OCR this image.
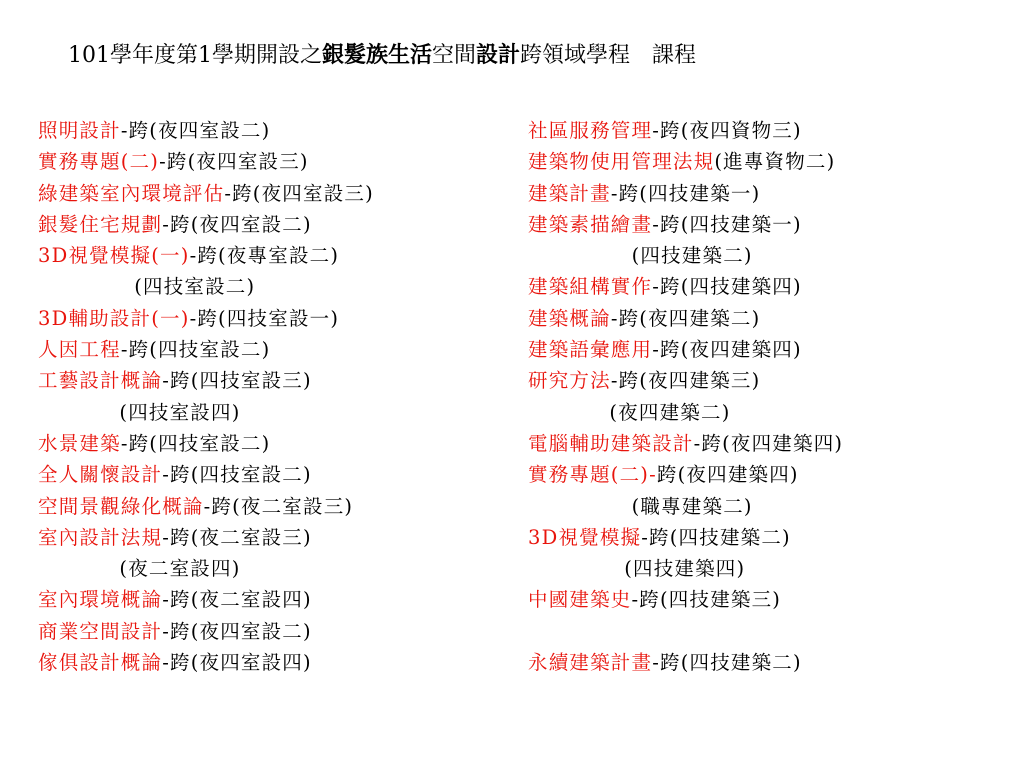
101學年度第1學期開設之銀髮族生活空間設計跨領域學程　課程
照明設計-跨(夜四室設二)
實務專題(二)-跨(夜四室設三)
綠建築室內環境評估-跨(夜四室設三)
銀髮住宅規劃-跨(夜四室設二)
3D視覺模擬(一)-跨(夜專室設二)
(四技室設二)
3D輔助設計(一)-跨(四技室設一)
人因工程-跨(四技室設二)
工藝設計概論-跨(四技室設三)
(四技室設四)
水景建築-跨(四技室設二)
全人關懷設計-跨(四技室設二)
空間景觀綠化概論-跨(夜二室設三)
室內設計法規-跨(夜二室設三)
(夜二室設四)
室內環境概論-跨(夜二室設四)
商業空間設計-跨(夜四室設二)
傢俱設計概論-跨(夜四室設四)
社區服務管理-跨(夜四資物三)
建築物使用管理法規(進專資物二)
建築計畫-跨(四技建築一)
建築素描繪畫-跨(四技建築一)
(四技建築二)
建築組構實作-跨(四技建築四)
建築概論-跨(夜四建築二)
建築語彙應用-跨(夜四建築四)
研究方法-跨(夜四建築三)
(夜四建築二)
電腦輔助建築設計-跨(夜四建築四)
實務專題(二)-跨(夜四建築四)
(職專建築二)
3D視覺模擬-跨(四技建築二)
(四技建築四)
中國建築史-跨(四技建築三)
永續建築計畫-跨(四技建築二)
